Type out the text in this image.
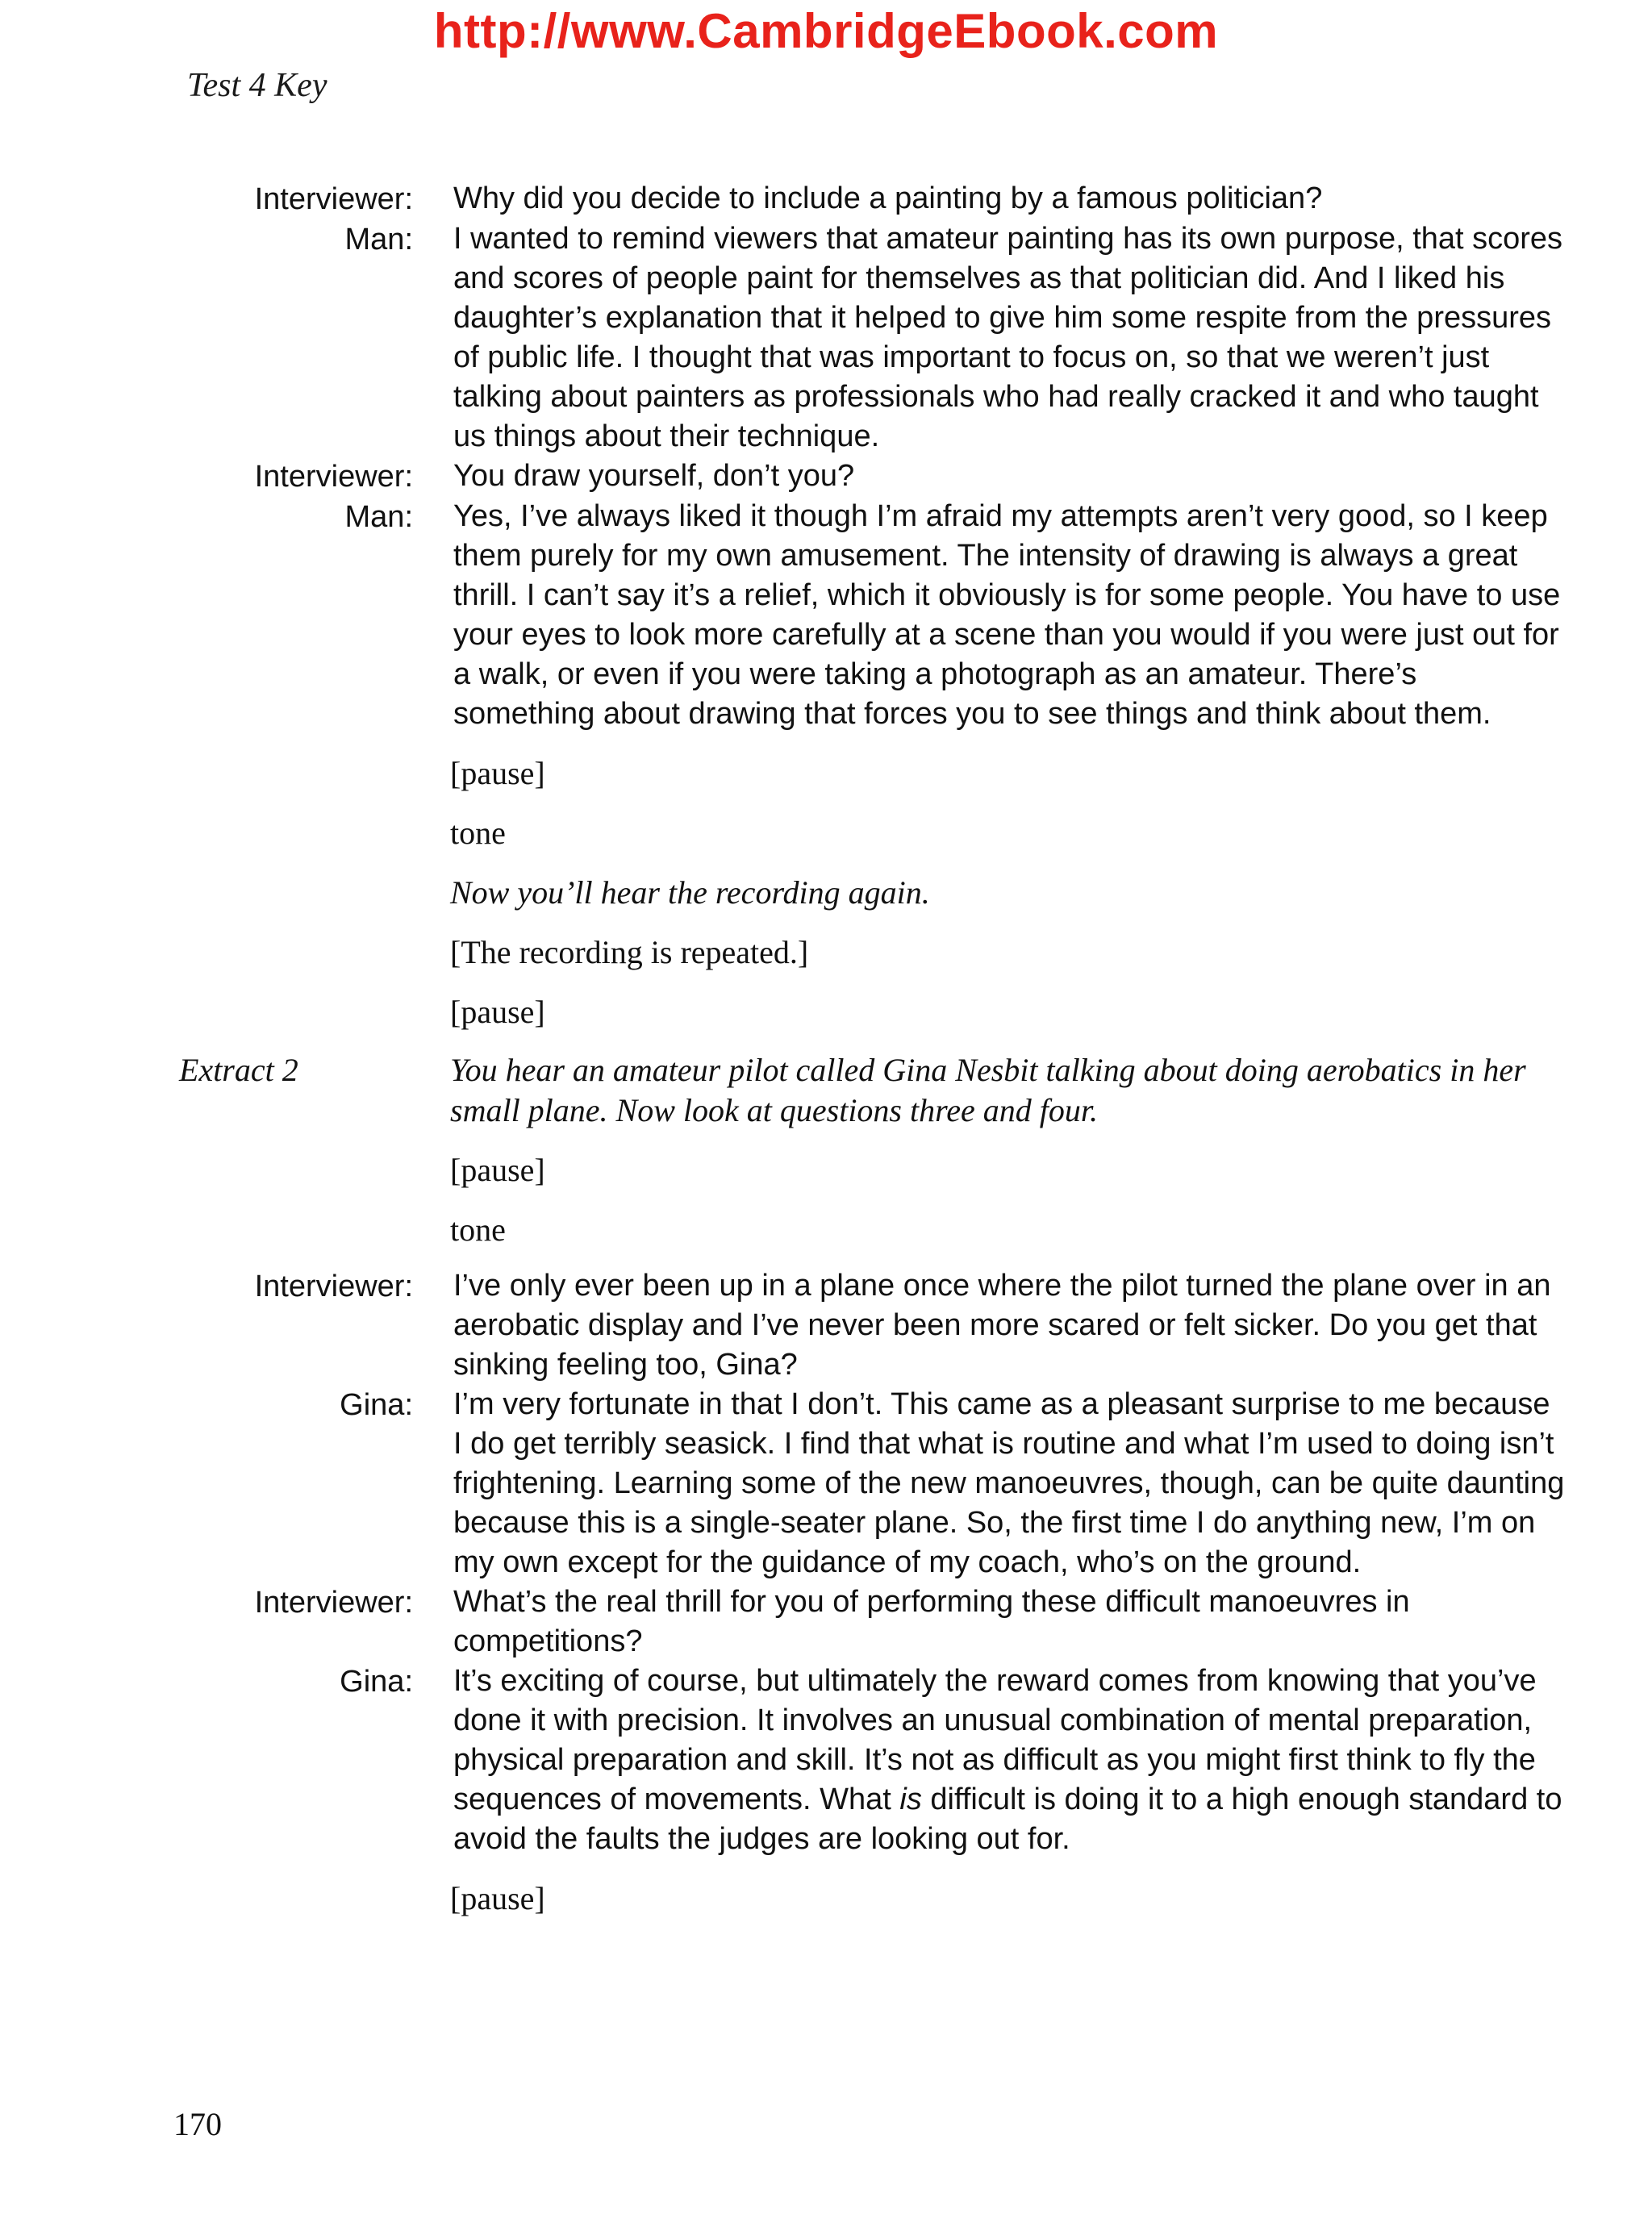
http://www.CambridgeEbook.com
Test 4 Key
Interviewer:	Why did you decide to include a painting by a famous politician?
Man:	I wanted to remind viewers that amateur painting has its own purpose, that scores and scores of people paint for themselves as that politician did. And I liked his daughter’s explanation that it helped to give him some respite from the pressures of public life. I thought that was important to focus on, so that we weren’t just talking about painters as professionals who had really cracked it and who taught us things about their technique.
Interviewer:	You draw yourself, don’t you?
Man:	Yes, I’ve always liked it though I’m afraid my attempts aren’t very good, so I keep them purely for my own amusement. The intensity of drawing is always a great thrill. I can’t say it’s a relief, which it obviously is for some people. You have to use your eyes to look more carefully at a scene than you would if you were just out for a walk, or even if you were taking a photograph as an amateur. There’s something about drawing that forces you to see things and think about them.
[pause]
tone
Now you’ll hear the recording again.
[The recording is repeated.]
[pause]
Extract 2	You hear an amateur pilot called Gina Nesbit talking about doing aerobatics in her small plane. Now look at questions three and four.
[pause]
tone
Interviewer:	I’ve only ever been up in a plane once where the pilot turned the plane over in an aerobatic display and I’ve never been more scared or felt sicker. Do you get that sinking feeling too, Gina?
Gina:	I’m very fortunate in that I don’t. This came as a pleasant surprise to me because I do get terribly seasick. I find that what is routine and what I’m used to doing isn’t frightening. Learning some of the new manoeuvres, though, can be quite daunting because this is a single-seater plane. So, the first time I do anything new, I’m on my own except for the guidance of my coach, who’s on the ground.
Interviewer:	What’s the real thrill for you of performing these difficult manoeuvres in competitions?
Gina:	It’s exciting of course, but ultimately the reward comes from knowing that you’ve done it with precision. It involves an unusual combination of mental preparation, physical preparation and skill. It’s not as difficult as you might first think to fly the sequences of movements. What is difficult is doing it to a high enough standard to avoid the faults the judges are looking out for.
[pause]
170
